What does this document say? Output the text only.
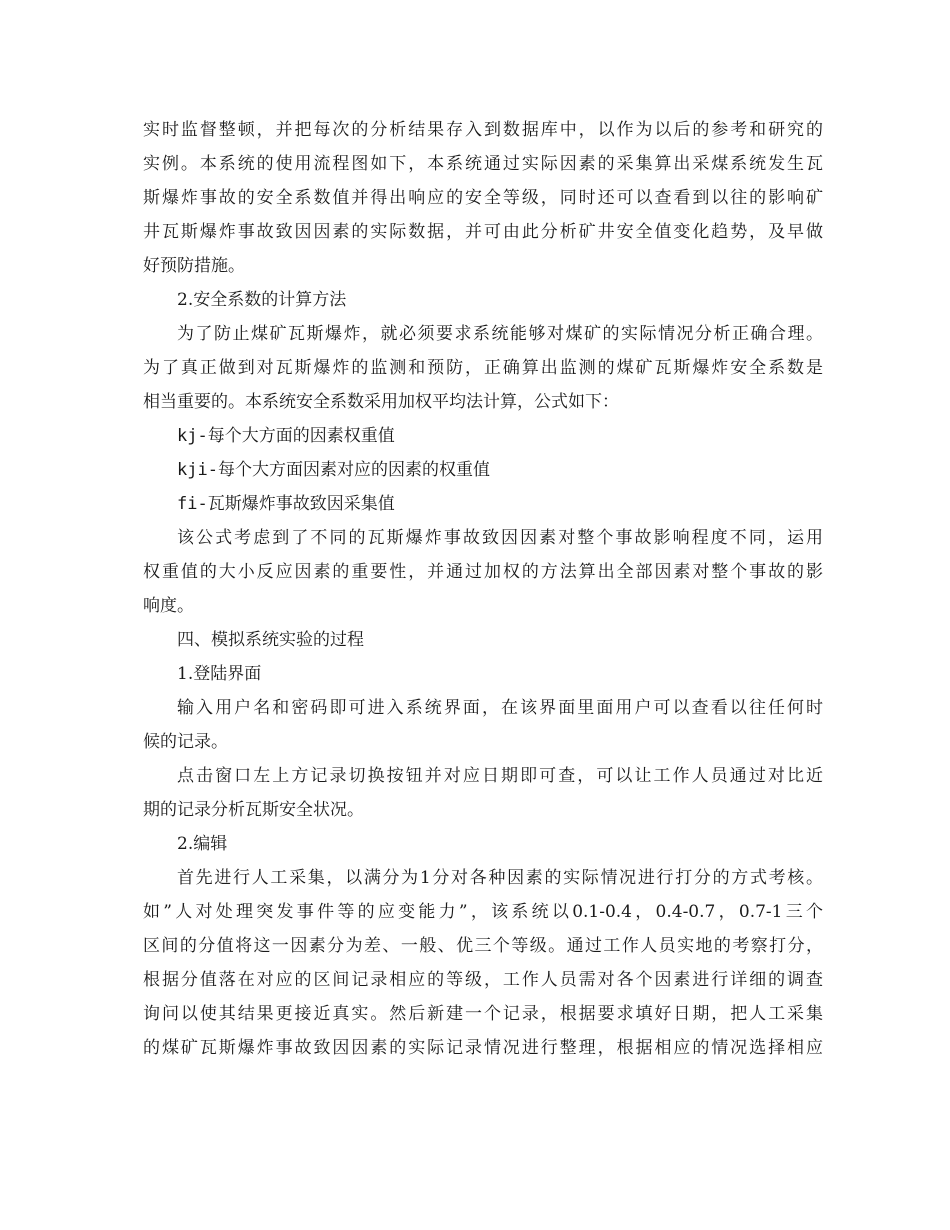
实时监督整顿，并把每次的分析结果存入到数据库中，以作为以后的参考和研究的
实例。本系统的使用流程图如下，本系统通过实际因素的采集算出采煤系统发生瓦
斯爆炸事故的安全系数值并得出响应的安全等级，同时还可以查看到以往的影响矿
井瓦斯爆炸事故致因因素的实际数据，并可由此分析矿井安全值变化趋势，及早做
好预防措施。
2.安全系数的计算方法
为了防止煤矿瓦斯爆炸，就必须要求系统能够对煤矿的实际情况分析正确合理。
为了真正做到对瓦斯爆炸的监测和预防，正确算出监测的煤矿瓦斯爆炸安全系数是
相当重要的。本系统安全系数采用加权平均法计算，公式如下：
kj-每个大方面的因素权重值
kji-每个大方面因素对应的因素的权重值
fi-瓦斯爆炸事故致因采集值
该公式考虑到了不同的瓦斯爆炸事故致因因素对整个事故影响程度不同，运用
权重值的大小反应因素的重要性，并通过加权的方法算出全部因素对整个事故的影
响度。
四、模拟系统实验的过程
1.登陆界面
输入用户名和密码即可进入系统界面，在该界面里面用户可以查看以往任何时
候的记录。
点击窗口左上方记录切换按钮并对应日期即可查，可以让工作人员通过对比近
期的记录分析瓦斯安全状况。
2.编辑
首先进行人工采集，以满分为1分对各种因素的实际情况进行打分的方式考核。
如”人对处理突发事件等的应变能力”，该系统以0.1-0.4，0.4-0.7，0.7-1三个
区间的分值将这一因素分为差、一般、优三个等级。通过工作人员实地的考察打分，
根据分值落在对应的区间记录相应的等级，工作人员需对各个因素进行详细的调查
询问以使其结果更接近真实。然后新建一个记录，根据要求填好日期，把人工采集
的煤矿瓦斯爆炸事故致因因素的实际记录情况进行整理，根据相应的情况选择相应
